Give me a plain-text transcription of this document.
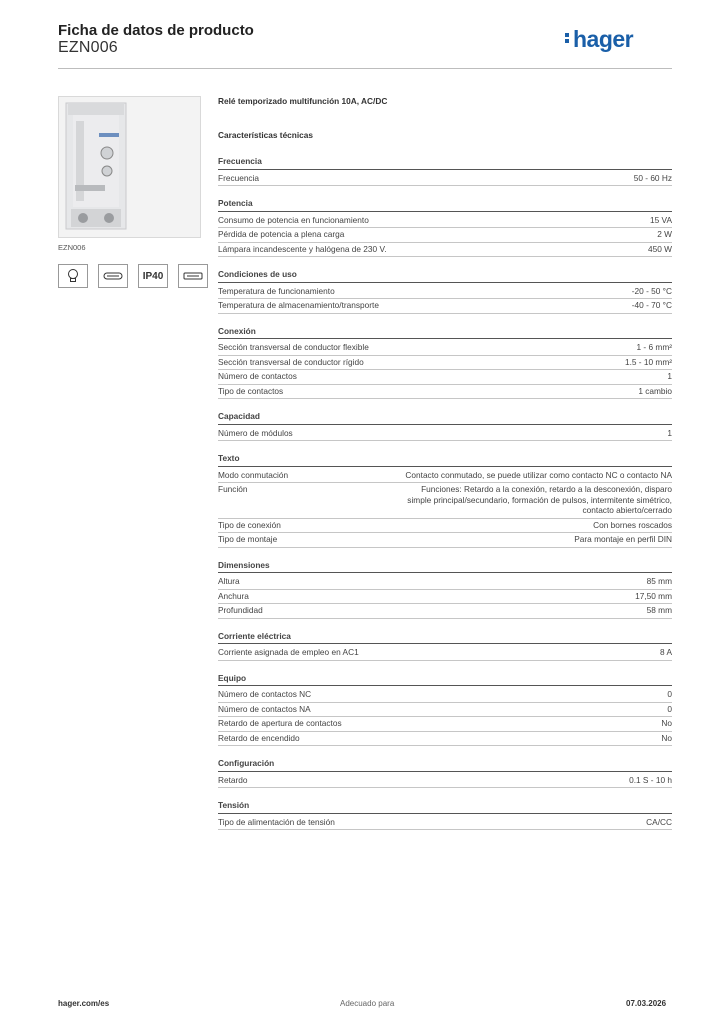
Ficha de datos de producto
EZN006	hager
EZN006
IP40
Relé temporizado multifunción 10A, AC/DC
Características técnicas
Frecuencia
Frecuencia	50 - 60 Hz
Potencia
Consumo de potencia en funcionamiento	15 VA
Pérdida de potencia a plena carga	2 W
Lámpara incandescente y halógena de 230 V.	450 W
Condiciones de uso
Temperatura de funcionamiento	-20 - 50 °C
Temperatura de almacenamiento/transporte	-40 - 70 °C
Conexión
Sección transversal de conductor flexible	1 - 6 mm²
Sección transversal de conductor rígido	1.5 - 10 mm²
Número de contactos	1
Tipo de contactos	1 cambio
Capacidad
Número de módulos	1
Texto
Modo conmutación	Contacto conmutado, se puede utilizar como contacto NC o contacto NA
Función	Funciones: Retardo a la conexión, retardo a la desconexión, disparo simple principal/secundario, formación de pulsos, intermitente simétrico, contacto abierto/cerrado
Tipo de conexión	Con bornes roscados
Tipo de montaje	Para montaje en perfil DIN
Dimensiones
Altura	85 mm
Anchura	17,50 mm
Profundidad	58 mm
Corriente eléctrica
Corriente asignada de empleo en AC1	8 A
Equipo
Número de contactos NC	0
Número de contactos NA	0
Retardo de apertura de contactos	No
Retardo de encendido	No
Configuración
Retardo	0.1 S - 10 h
Tensión
Tipo de alimentación de tensión	CA/CC
hager.com/es	Adecuado para	07.03.2026
